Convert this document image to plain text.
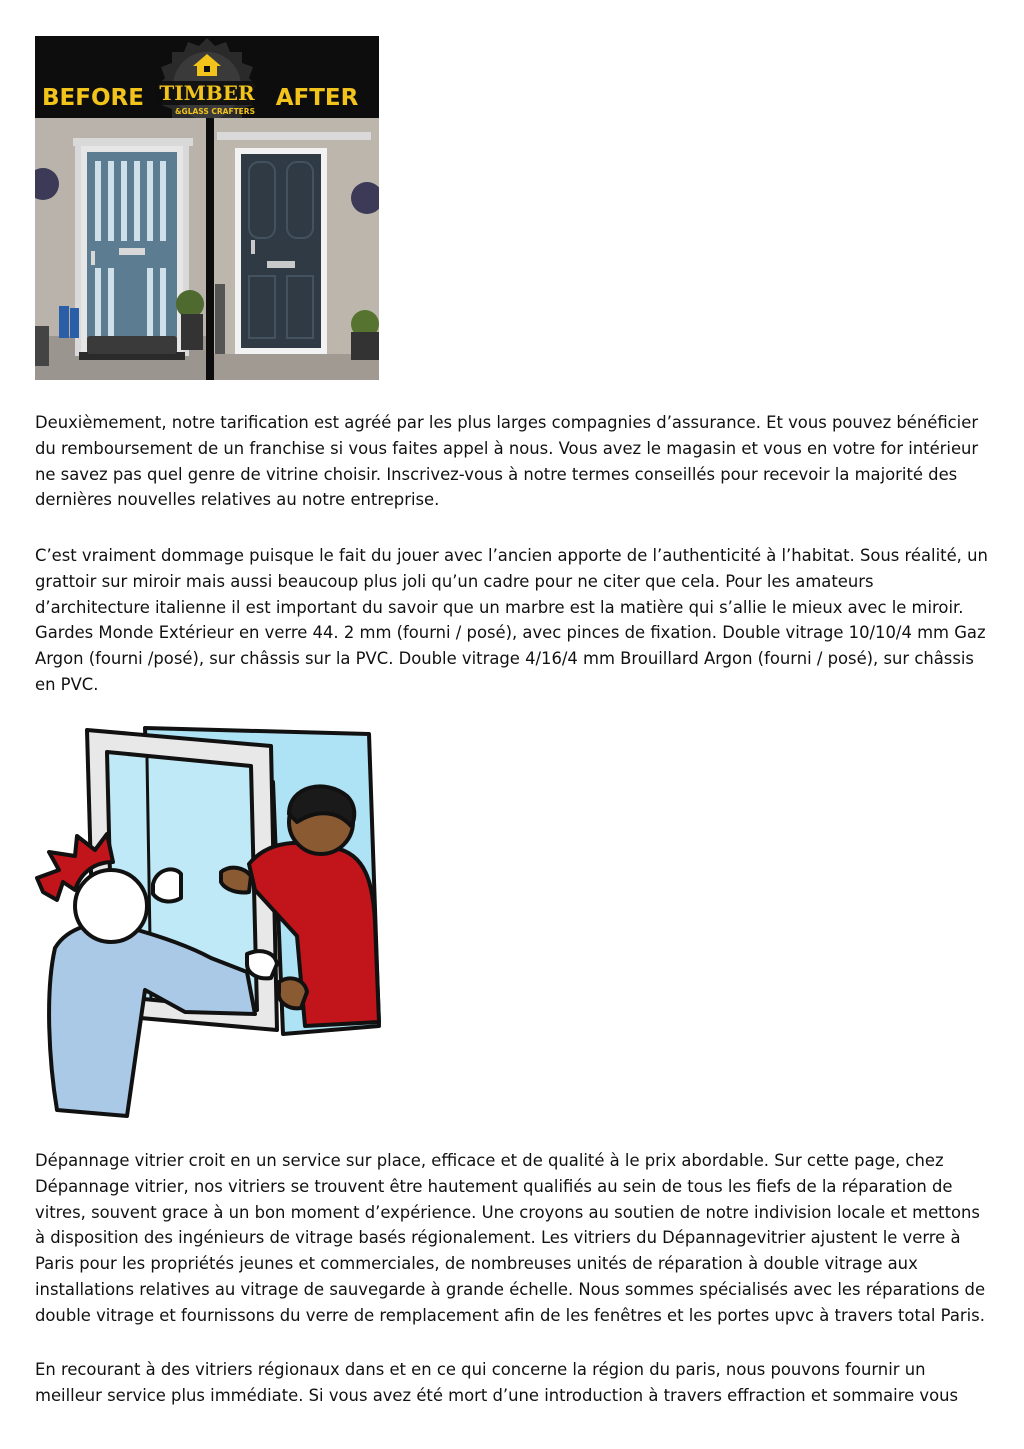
BEFORE	AFTER
TIMBER
&GLASS CRAFTERS

Deuxièmement, notre tarification est agréé par les plus larges compagnies d’assurance. Et vous pouvez bénéficier du remboursement de un franchise si vous faites appel à nous. Vous avez le magasin et vous en votre for intérieur ne savez pas quel genre de vitrine choisir. Inscrivez-vous à notre termes conseillés pour recevoir la majorité des dernières nouvelles relatives au notre entreprise.

C’est vraiment dommage puisque le fait du jouer avec l’ancien apporte de l’authenticité à l’habitat. Sous réalité, un grattoir sur miroir mais aussi beaucoup plus joli qu’un cadre pour ne citer que cela. Pour les amateurs d’architecture italienne il est important du savoir que un marbre est la matière qui s’allie le mieux avec le miroir. Gardes Monde Extérieur en verre 44. 2 mm (fourni / posé), avec pinces de fixation. Double vitrage 10/10/4 mm Gaz Argon (fourni /posé), sur châssis sur la PVC. Double vitrage 4/16/4 mm Brouillard Argon (fourni / posé), sur châssis en PVC.

Dépannage vitrier croit en un service sur place, efficace et de qualité à le prix abordable. Sur cette page, chez Dépannage vitrier, nos vitriers se trouvent être hautement qualifiés au sein de tous les fiefs de la réparation de vitres, souvent grace à un bon moment d’expérience. Une croyons au soutien de notre indivision locale et mettons à disposition des ingénieurs de vitrage basés régionalement. Les vitriers du Dépannagevitrier ajustent le verre à Paris pour les propriétés jeunes et commerciales, de nombreuses unités de réparation à double vitrage aux installations relatives au vitrage de sauvegarde à grande échelle. Nous sommes spécialisés avec les réparations de double vitrage et fournissons du verre de remplacement afin de les fenêtres et les portes upvc à travers total Paris.

En recourant à des vitriers régionaux dans et en ce qui concerne la région du paris, nous pouvons fournir un meilleur service plus immédiate. Si vous avez été mort d’une introduction à travers effraction et sommaire vous
